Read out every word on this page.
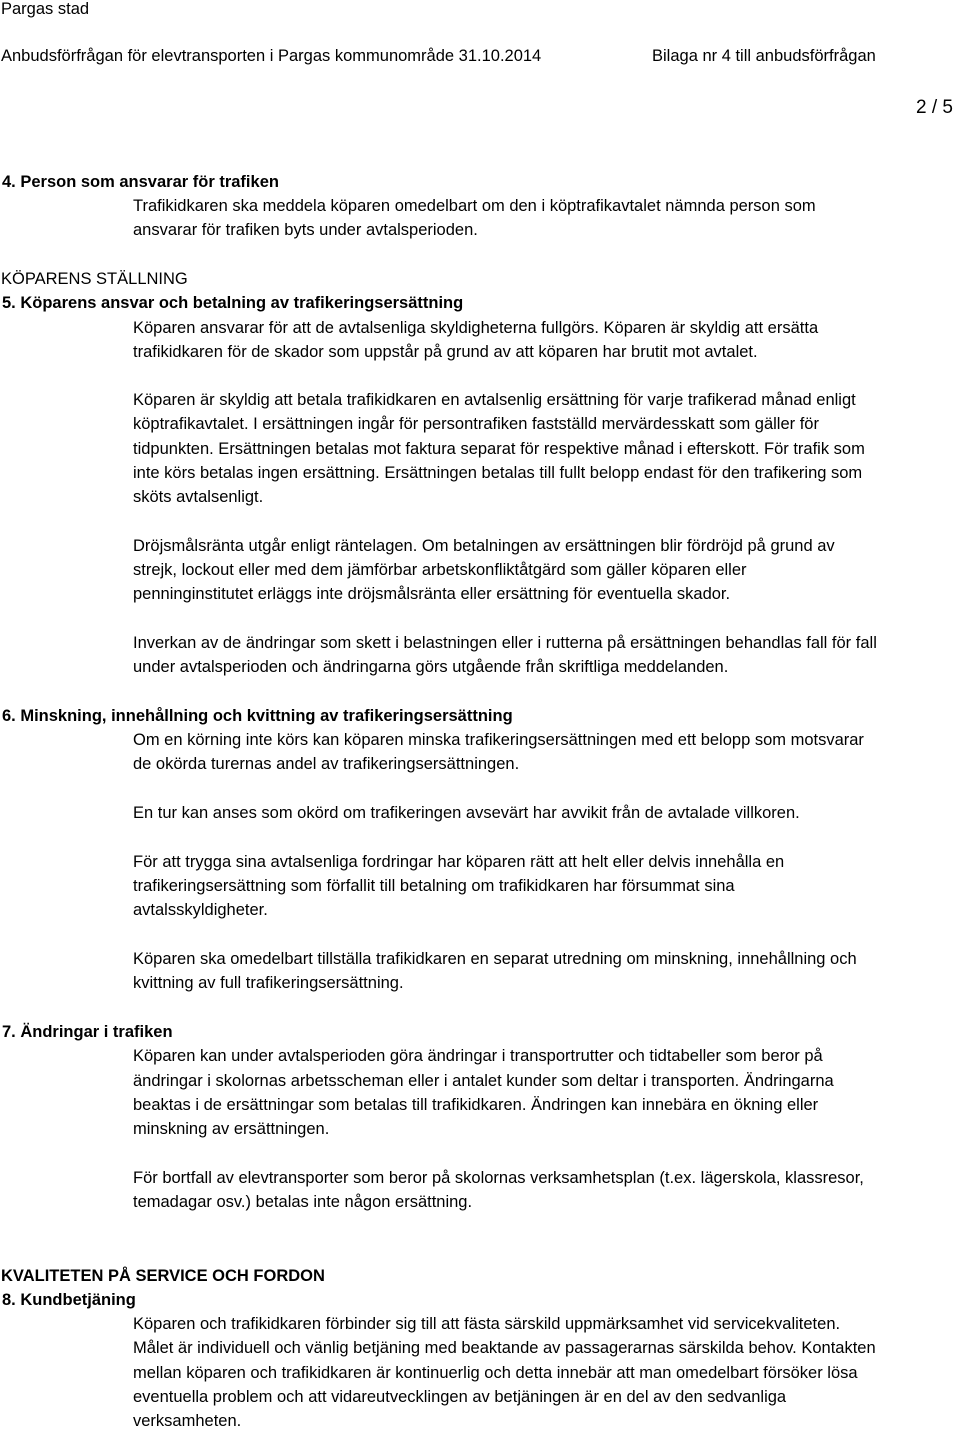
Pargas stad
Anbudsförfrågan för elevtransporten i Pargas kommunområde 31.10.2014	Bilaga nr 4 till anbudsförfrågan
2 / 5
4. Person som ansvarar för trafiken
Trafikidkaren ska meddela köparen omedelbart om den i köptrafikavtalet nämnda person som
ansvarar för trafiken byts under avtalsperioden.
KÖPARENS STÄLLNING
5. Köparens ansvar och betalning av trafikeringsersättning
Köparen ansvarar för att de avtalsenliga skyldigheterna fullgörs. Köparen är skyldig att ersätta
trafikidkaren för de skador som uppstår på grund av att köparen har brutit mot avtalet.
Köparen är skyldig att betala trafikidkaren en avtalsenlig ersättning för varje trafikerad månad enligt
köptrafikavtalet. I ersättningen ingår för persontrafiken fastställd mervärdesskatt som gäller för
tidpunkten. Ersättningen betalas mot faktura separat för respektive månad i efterskott. För trafik som
inte körs betalas ingen ersättning. Ersättningen betalas till fullt belopp endast för den trafikering som
sköts avtalsenligt.
Dröjsmålsränta utgår enligt räntelagen. Om betalningen av ersättningen blir fördröjd på grund av
strejk, lockout eller med dem jämförbar arbetskonfliktåtgärd som gäller köparen eller
penninginstitutet erläggs inte dröjsmålsränta eller ersättning för eventuella skador.
Inverkan av de ändringar som skett i belastningen eller i rutterna på ersättningen behandlas fall för fall
under avtalsperioden och ändringarna görs utgående från skriftliga meddelanden.
6. Minskning, innehållning och kvittning av trafikeringsersättning
Om en körning inte körs kan köparen minska trafikeringsersättningen med ett belopp som motsvarar
de okörda turernas andel av trafikeringsersättningen.
En tur kan anses som okörd om trafikeringen avsevärt har avvikit från de avtalade villkoren.
För att trygga sina avtalsenliga fordringar har köparen rätt att helt eller delvis innehålla en
trafikeringsersättning som förfallit till betalning om trafikidkaren har försummat sina
avtalsskyldigheter.
Köparen ska omedelbart tillställa trafikidkaren en separat utredning om minskning, innehållning och
kvittning av full trafikeringsersättning.
7. Ändringar i trafiken
Köparen kan under avtalsperioden göra ändringar i transportrutter och tidtabeller som beror på
ändringar i skolornas arbetsscheman eller i antalet kunder som deltar i transporten. Ändringarna
beaktas i de ersättningar som betalas till trafikidkaren. Ändringen kan innebära en ökning eller
minskning av ersättningen.
För bortfall av elevtransporter som beror på skolornas verksamhetsplan (t.ex. lägerskola, klassresor,
temadagar osv.) betalas inte någon ersättning.
KVALITETEN PÅ SERVICE OCH FORDON
8. Kundbetjäning
Köparen och trafikidkaren förbinder sig till att fästa särskild uppmärksamhet vid servicekvaliteten.
Målet är individuell och vänlig betjäning med beaktande av passagerarnas särskilda behov. Kontakten
mellan köparen och trafikidkaren är kontinuerlig och detta innebär att man omedelbart försöker lösa
eventuella problem och att vidareutvecklingen av betjäningen är en del av den sedvanliga
verksamheten.
